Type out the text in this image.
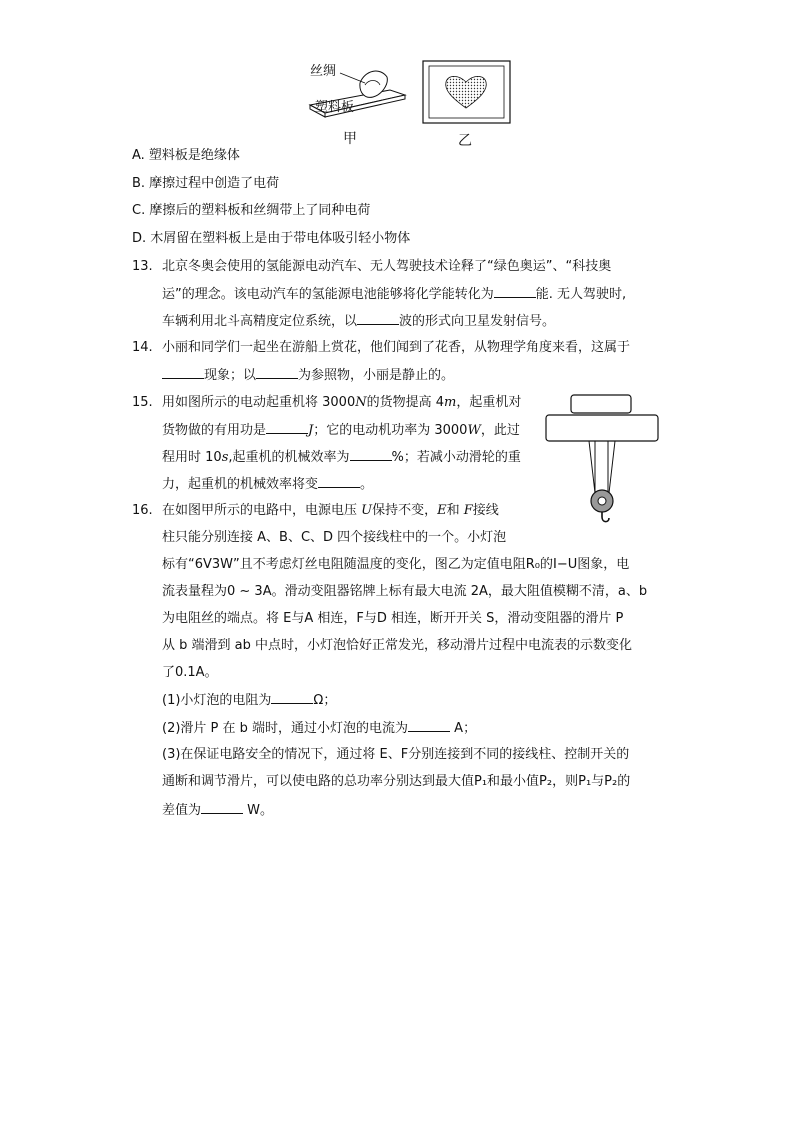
丝绸
塑料板
甲	乙
A. 塑料板是绝缘体
B. 摩擦过程中创造了电荷
C. 摩擦后的塑料板和丝绸带上了同种电荷
D. 木屑留在塑料板上是由于带电体吸引轻小物体
13. 北京冬奥会使用的氢能源电动汽车、无人驾驶技术诠释了“绿色奥运”、“科技奥
运”的理念。该电动汽车的氢能源电池能够将化学能转化为	能. 无人驾驶时,
车辆利用北斗高精度定位系统，以	波的形式向卫星发射信号。
14. 小丽和同学们一起坐在游船上赏花，他们闻到了花香，从物理学角度来看，这属于
现象；以	为参照物，小丽是静止的。
15. 用如图所示的电动起重机将 3000N的货物提高 4m，起重机对
货物做的有用功是	J；它的电动机功率为 3000W，此过
程用时 10s,起重机的机械效率为	%；若减小动滑轮的重
力，起重机的机械效率将变	。
16. 在如图甲所示的电路中，电源电压 U保持不变，E和 F接线
柱只能分别连接 A、B、C、D 四个接线柱中的一个。小灯泡
标有“6V3W”且不考虑灯丝电阻随温度的变化，图乙为定值电阻R₀的I−U图象，电
流表量程为0 ~ 3A。滑动变阻器铭牌上标有最大电流 2A，最大阻值模糊不清，a、b
为电阻丝的端点。将 E与A 相连，F与D 相连，断开开关 S，滑动变阻器的滑片 P
从 b 端滑到 ab 中点时，小灯泡恰好正常发光，移动滑片过程中电流表的示数变化
了0.1A。
(1)小灯泡的电阻为	Ω；
(2)滑片 P 在 b 端时，通过小灯泡的电流为	A；
(3)在保证电路安全的情况下，通过将 E、F分别连接到不同的接线柱、控制开关的
通断和调节滑片，可以使电路的总功率分别达到最大值P₁和最小值P₂，则P₁与P₂的
差值为	W。
